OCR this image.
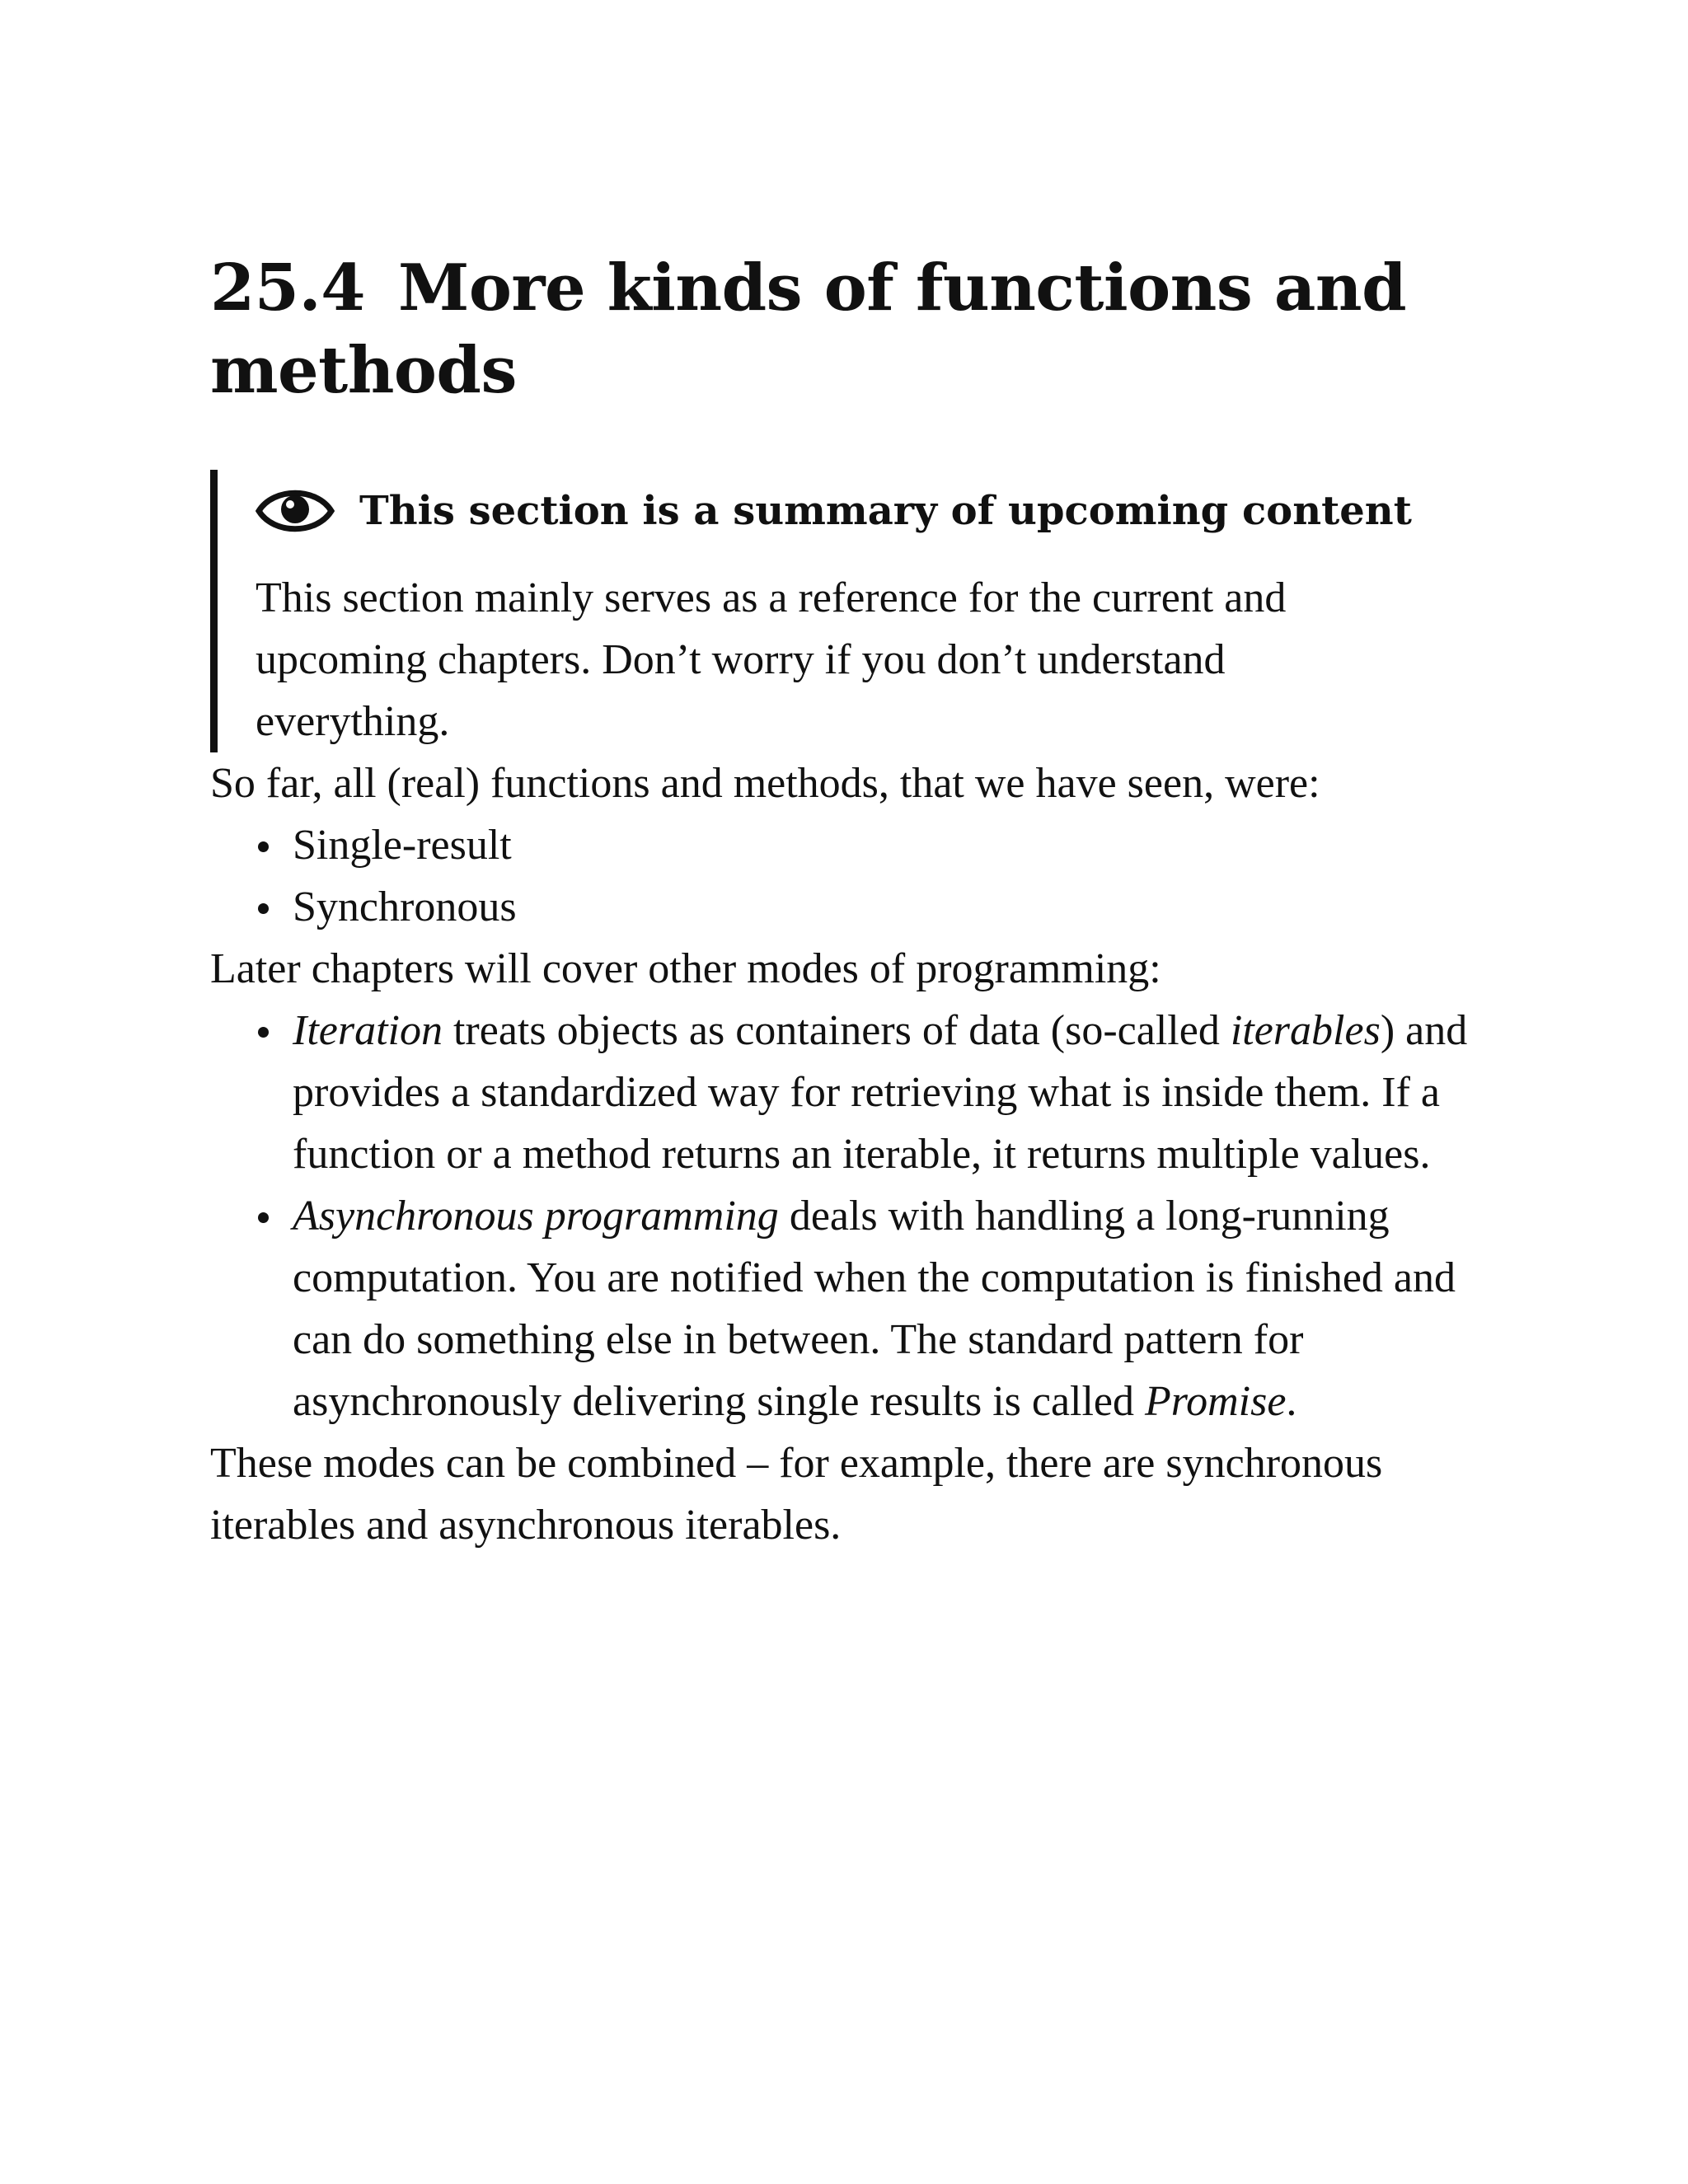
25.4 More kinds of functions and methods
This section is a summary of upcoming content

This section mainly serves as a reference for the current and upcoming chapters. Don’t worry if you don’t understand everything.

So far, all (real) functions and methods, that we have seen, were:

Single-result
Synchronous

Later chapters will cover other modes of programming:

Iteration treats objects as containers of data (so-called iterables) and provides a standardized way for retrieving what is inside them. If a function or a method returns an iterable, it returns multiple values.
Asynchronous programming deals with handling a long-running computation. You are notified when the computation is finished and can do something else in between. The standard pattern for asynchronously delivering single results is called Promise.

These modes can be combined – for example, there are synchronous iterables and asynchronous iterables.
